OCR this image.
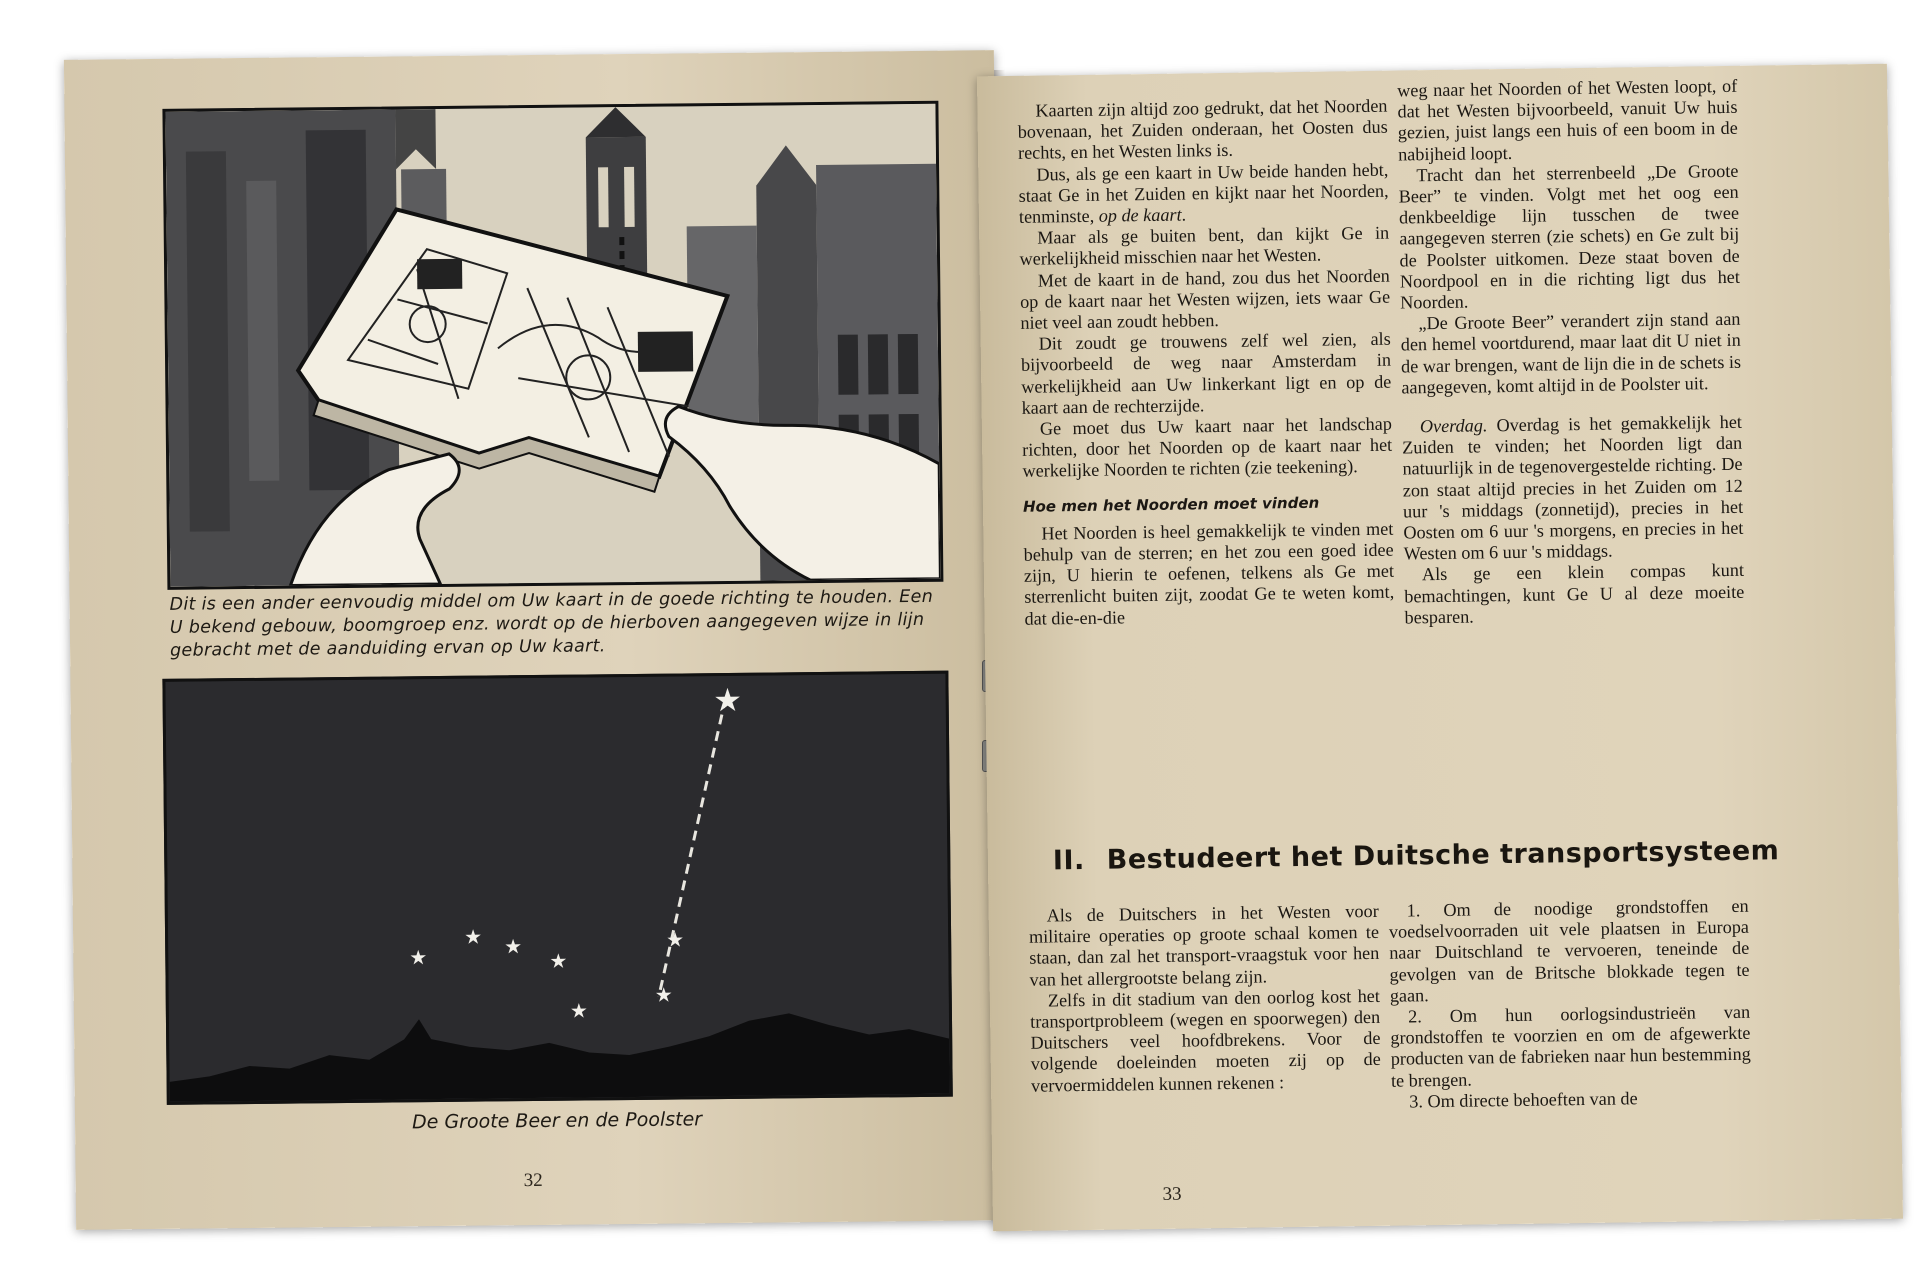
Dit is een ander eenvoudig middel om Uw kaart in de goede richting te houden. Een U bekend gebouw, boomgroep enz. wordt op de hierboven aangegeven wijze in lijn gebracht met de aanduiding ervan op Uw kaart.
★
★
★ ★
★
★
★
★
De Groote Beer en de Poolster
32

Kaarten zijn altijd zoo gedrukt, dat het Noorden bovenaan, het Zuiden onderaan, het Oosten dus rechts, en het Westen links is.

Dus, als ge een kaart in Uw beide handen hebt, staat Ge in het Zuiden en kijkt naar het Noorden, tenminste, op de kaart.

Maar als ge buiten bent, dan kijkt Ge in werkelijkheid misschien naar het Westen.

Met de kaart in de hand, zou dus het Noorden op de kaart naar het Westen wijzen, iets waar Ge niet veel aan zoudt hebben.

Dit zoudt ge trouwens zelf wel zien, als bijvoorbeeld de weg naar Amsterdam in werkelijkheid aan Uw linkerkant ligt en op de kaart aan de rechterzijde.

Ge moet dus Uw kaart naar het landschap richten, door het Noorden op de kaart naar het werkelijke Noorden te richten (zie teekening).

Hoe men het Noorden moet vinden

Het Noorden is heel gemakkelijk te vinden met behulp van de sterren; en het zou een goed idee zijn, U hierin te oefenen, telkens als Ge met sterrenlicht buiten zijt, zoodat Ge te weten komt, dat die-en-die

weg naar het Noorden of het Westen loopt, of dat het Westen bijvoorbeeld, vanuit Uw huis gezien, juist langs een huis of een boom in de nabijheid loopt.

Tracht dan het sterrenbeeld „De Groote Beer” te vinden. Volgt met het oog een denkbeeldige lijn tusschen de twee aangegeven sterren (zie schets) en Ge zult bij de Poolster uitkomen. Deze staat boven de Noordpool en in die richting ligt dus het Noorden.

„De Groote Beer” verandert zijn stand aan den hemel voortdurend, maar laat dit U niet in de war brengen, want de lijn die in de schets is aangegeven, komt altijd in de Poolster uit.

Overdag. Overdag is het gemakkelijk het Zuiden te vinden; het Noorden ligt dan natuurlijk in de tegenovergestelde richting. De zon staat altijd precies in het Zuiden om 12 uur 's middags (zonnetijd), precies in het Oosten om 6 uur 's morgens, en precies in het Westen om 6 uur 's middags.

Als ge een klein compas kunt bemachtingen, kunt Ge U al deze moeite besparen.

II. Bestudeert het Duitsche transportsysteem

Als de Duitschers in het Westen voor militaire operaties op groote schaal komen te staan, dan zal het transport-vraagstuk voor hen van het allergrootste belang zijn.

Zelfs in dit stadium van den oorlog kost het transportprobleem (wegen en spoorwegen) den Duitschers veel hoofdbrekens. Voor de volgende doeleinden moeten zij op de vervoermiddelen kunnen rekenen :

1. Om de noodige grondstoffen en voedselvoorraden uit vele plaatsen in Europa naar Duitschland te vervoeren, teneinde de gevolgen van de Britsche blokkade tegen te gaan.

2. Om hun oorlogsindustrieën van grondstoffen te voorzien en om de afgewerkte producten van de fabrieken naar hun bestemming te brengen.

3. Om directe behoeften van de

33
